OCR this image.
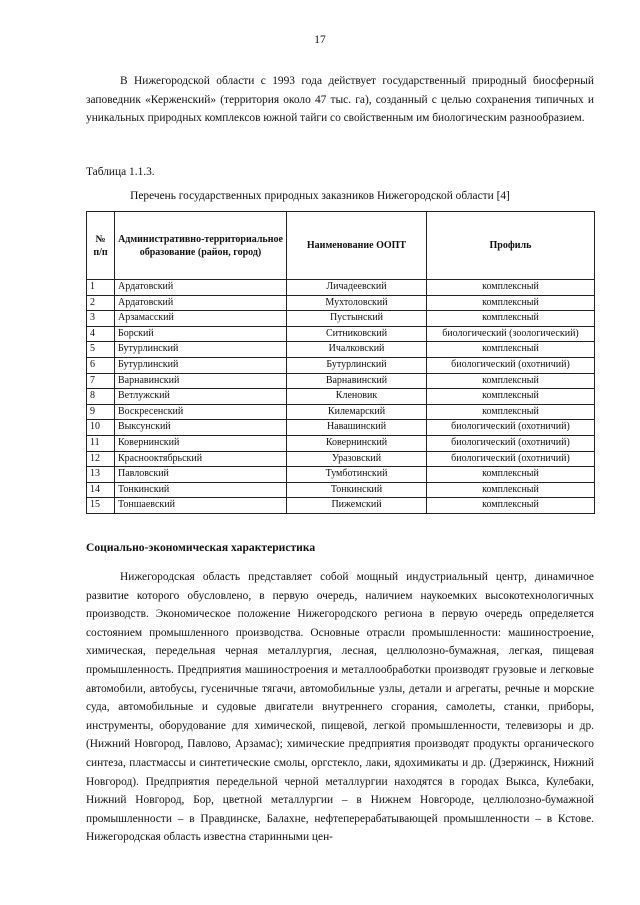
17

В Нижегородской области с 1993 года действует государственный природный биосферный заповедник «Керженский» (территория около 47 тыс. га), созданный с целью сохранения типичных и уникальных природных комплексов южной тайги со свойственным им биологическим разнообразием.

Таблица 1.1.3.
Перечень государственных природных заказников Нижегородской области [4]
№ п/п	Административно-территориальное образование (район, город)	Наименование ООПТ	Профиль
1	Ардатовский	Личадеевский	комплексный
2	Ардатовский	Мухтоловский	комплексный
3	Арзамасский	Пустынский	комплексный
4	Борский	Ситниковский	биологический (зоологический)
5	Бутурлинский	Ичалковский	комплексный
6	Бутурлинский	Бутурлинский	биологический (охотничий)
7	Варнавинский	Варнавинский	комплексный
8	Ветлужский	Кленовик	комплексный
9	Воскресенский	Килемарский	комплексный
10	Выксунский	Навашинский	биологический (охотничий)
11	Ковернинский	Ковернинский	биологический (охотничий)
12	Краснооктябрьский	Уразовский	биологический (охотничий)
13	Павловский	Тумботинский	комплексный
14	Тонкинский	Тонкинский	комплексный
15	Тоншаевский	Пижемский	комплексный
Социально-экономическая характеристика

Нижегородская область представляет собой мощный индустриальный центр, динамичное развитие которого обусловлено, в первую очередь, наличием наукоемких высокотехнологичных производств. Экономическое положение Нижегородского региона в первую очередь определяется состоянием промышленного производства. Основные отрасли промышленности: машиностроение, химическая, передельная черная металлургия, лесная, целлюлозно-бумажная, легкая, пищевая промышленность. Предприятия машиностроения и металлообработки производят грузовые и легковые автомобили, автобусы, гусеничные тягачи, автомобильные узлы, детали и агрегаты, речные и морские суда, автомобильные и судовые двигатели внутреннего сгорания, самолеты, станки, приборы, инструменты, оборудование для химической, пищевой, легкой промышленности, телевизоры и др. (Нижний Новгород, Павлово, Арзамас); химические предприятия производят продукты органического синтеза, пластмассы и синтетические смолы, оргстекло, лаки, ядохимикаты и др. (Дзержинск, Нижний Новгород). Предприятия передельной черной металлургии находятся в городах Выкса, Кулебаки, Нижний Новгород, Бор, цветной металлургии – в Нижнем Новгороде, целлюлозно-бумажной промышленности – в Правдинске, Балахне, нефтеперерабатывающей промышленности – в Кстове. Нижегородская область известна старинными цен-
